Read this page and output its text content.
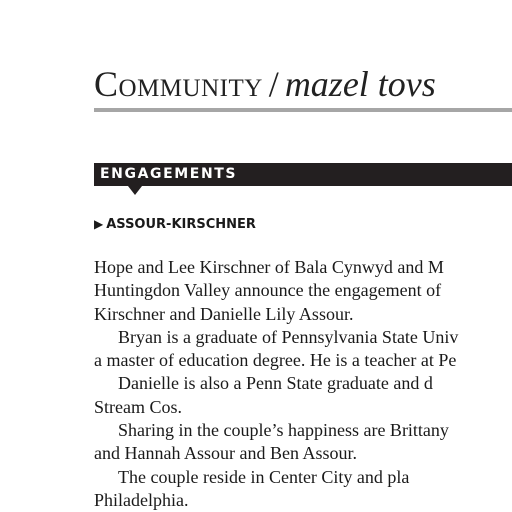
Community / mazel tovs
ENGAGEMENTS
▶ ASSOUR-KIRSCHNER

Hope and Lee Kirschner of Bala Cynwyd and M

Huntingdon Valley announce the engagement of

Kirschner and Danielle Lily Assour.

Bryan is a graduate of Pennsylvania State Univ

a master of education degree. He is a teacher at Pe

Danielle is also a Penn State graduate and d

Stream Cos.

Sharing in the couple’s happiness are Brittany

and Hannah Assour and Ben Assour.

The couple reside in Center City and pla

Philadelphia.
